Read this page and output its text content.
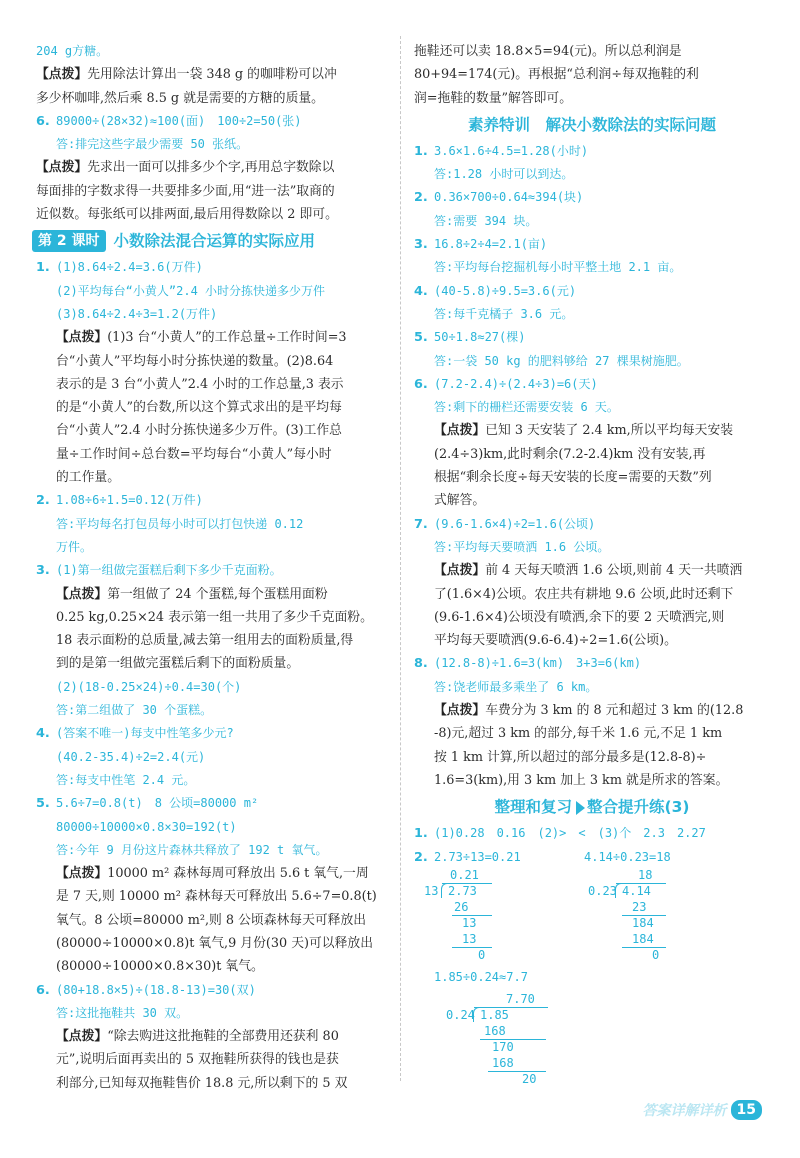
204 g方糖。
【点拨】先用除法计算出一袋 348 g 的咖啡粉可以冲
多少杯咖啡,然后乘 8.5 g 就是需要的方糖的质量。
6. 89000÷(28×32)≈100(面)　100÷2=50(张)
答:排完这些字最少需要 50 张纸。
【点拨】先求出一面可以排多少个字,再用总字数除以
每面排的字数求得一共要排多少面,用“进一法”取商的
近似数。每张纸可以排两面,最后用得数除以 2 即可。
第 2 课时 小数除法混合运算的实际应用
1. (1)8.64÷2.4=3.6(万件)
(2)平均每台“小黄人”2.4 小时分拣快递多少万件
(3)8.64÷2.4÷3=1.2(万件)
【点拨】(1)3 台“小黄人”的工作总量÷工作时间=3
台“小黄人”平均每小时分拣快递的数量。(2)8.64
表示的是 3 台“小黄人”2.4 小时的工作总量,3 表示
的是“小黄人”的台数,所以这个算式求出的是平均每
台“小黄人”2.4 小时分拣快递多少万件。(3)工作总
量÷工作时间÷总台数=平均每台“小黄人”每小时
的工作量。
2. 1.08÷6÷1.5=0.12(万件)
答:平均每名打包员每小时可以打包快递 0.12
万件。
3. (1)第一组做完蛋糕后剩下多少千克面粉。
【点拨】第一组做了 24 个蛋糕,每个蛋糕用面粉
0.25 kg,0.25×24 表示第一组一共用了多少千克面粉。
18 表示面粉的总质量,减去第一组用去的面粉质量,得
到的是第一组做完蛋糕后剩下的面粉质量。
(2)(18-0.25×24)÷0.4=30(个)
答:第二组做了 30 个蛋糕。
4. (答案不唯一)每支中性笔多少元?
(40.2-35.4)÷2=2.4(元)
答:每支中性笔 2.4 元。
5. 5.6÷7=0.8(t)　8 公顷=80000 m²
80000÷10000×0.8×30=192(t)
答:今年 9 月份这片森林共释放了 192 t 氧气。
【点拨】10000 m² 森林每周可释放出 5.6 t 氧气,一周
是 7 天,则 10000 m² 森林每天可释放出 5.6÷7=0.8(t)
氧气。8 公顷=80000 m²,则 8 公顷森林每天可释放出
(80000÷10000×0.8)t 氧气,9 月份(30 天)可以释放出
(80000÷10000×0.8×30)t 氧气。
6. (80+18.8×5)÷(18.8-13)=30(双)
答:这批拖鞋共 30 双。
【点拨】“除去购进这批拖鞋的全部费用还获利 80
元”,说明后面再卖出的 5 双拖鞋所获得的钱也是获
利部分,已知每双拖鞋售价 18.8 元,所以剩下的 5 双
拖鞋还可以卖 18.8×5=94(元)。所以总利润是
80+94=174(元)。再根据“总利润÷每双拖鞋的利
润=拖鞋的数量”解答即可。
素养特训　解决小数除法的实际问题
1. 3.6×1.6÷4.5=1.28(小时)
答:1.28 小时可以到达。
2. 0.36×700÷0.64≈394(块)
答:需要 394 块。
3. 16.8÷2÷4=2.1(亩)
答:平均每台挖掘机每小时平整土地 2.1 亩。
4. (40-5.8)÷9.5=3.6(元)
答:每千克橘子 3.6 元。
5. 50÷1.8≈27(棵)
答:一袋 50 kg 的肥料够给 27 棵果树施肥。
6. (7.2-2.4)÷(2.4÷3)=6(天)
答:剩下的栅栏还需要安装 6 天。
【点拨】已知 3 天安装了 2.4 km,所以平均每天安装
(2.4÷3)km,此时剩余(7.2-2.4)km 没有安装,再
根据“剩余长度÷每天安装的长度=需要的天数”列
式解答。
7. (9.6-1.6×4)÷2=1.6(公顷)
答:平均每天要喷洒 1.6 公顷。
【点拨】前 4 天每天喷洒 1.6 公顷,则前 4 天一共喷洒
了(1.6×4)公顷。农庄共有耕地 9.6 公顷,此时还剩下
(9.6-1.6×4)公顷没有喷洒,余下的要 2 天喷洒完,则
平均每天要喷洒(9.6-6.4)÷2=1.6(公顷)。
8. (12.8-8)÷1.6=3(km)　3+3=6(km)
答:饶老师最多乘坐了 6 km。
【点拨】车费分为 3 km 的 8 元和超过 3 km 的(12.8
-8)元,超过 3 km 的部分,每千米 1.6 元,不足 1 km
按 1 km 计算,所以超过的部分最多是(12.8-8)÷
1.6=3(km),用 3 km 加上 3 km 就是所求的答案。
整理和复习 整合提升练(3)
1. (1)0.28　0.16　(2)>　<　(3)个　2.3　2.27
2. 2.73÷13=0.21	4.14÷0.23=18
0.21
13 2.73
26
13
13
0
18
0.23 4.14
23
184
184
0
1.85÷0.24≈7.7
7.70
0.24 1.85
168
170
168
20
答案详解详析 15
